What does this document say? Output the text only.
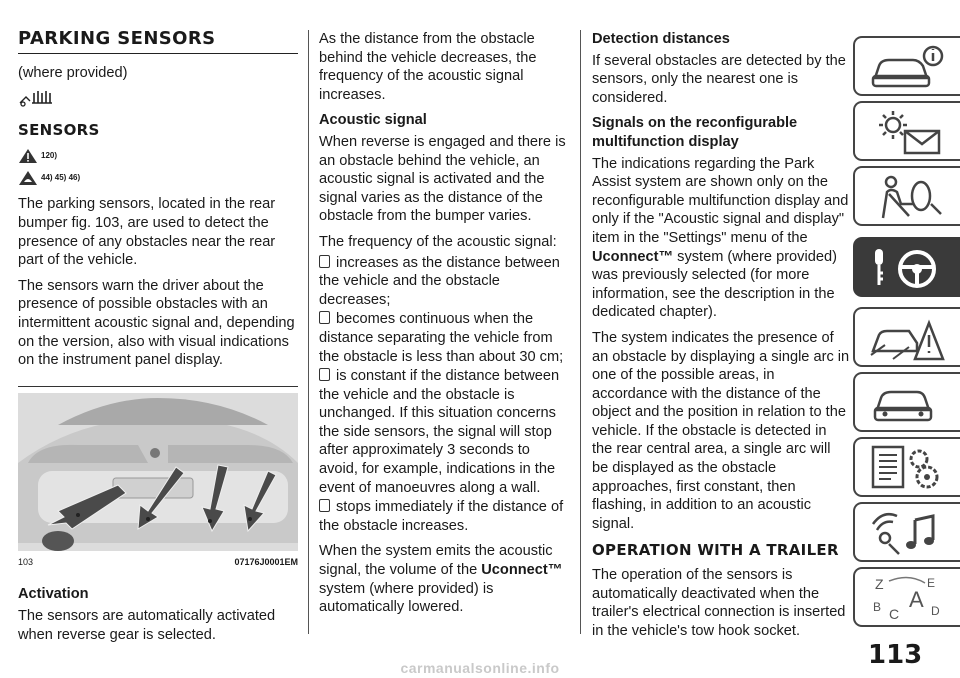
PARKING SENSORS

(where provided)

SENSORS
120)
44) 45) 46)

The parking sensors, located in the rear bumper fig. 103, are used to detect the presence of any obstacles near the rear part of the vehicle.

The sensors warn the driver about the presence of possible obstacles with an intermittent acoustic signal and, depending on the version, also with visual indications on the instrument panel display.

103	07176J0001EM
Activation

The sensors are automatically activated when reverse gear is selected.

As the distance from the obstacle behind the vehicle decreases, the frequency of the acoustic signal increases.

Acoustic signal

When reverse is engaged and there is an obstacle behind the vehicle, an acoustic signal is activated and the signal varies as the distance of the obstacle from the bumper varies.

The frequency of the acoustic signal:

increases as the distance between the vehicle and the obstacle decreases;

becomes continuous when the distance separating the vehicle from the obstacle is less than about 30 cm;

is constant if the distance between the vehicle and the obstacle is unchanged. If this situation concerns the side sensors, the signal will stop after approximately 3 seconds to avoid, for example, indications in the event of manoeuvres along a wall.

stops immediately if the distance of the obstacle increases.

When the system emits the acoustic signal, the volume of the Uconnect™ system (where provided) is automatically lowered.

Detection distances

If several obstacles are detected by the sensors, only the nearest one is considered.

Signals on the reconfigurable multifunction display

The indications regarding the Park Assist system are shown only on the reconfigurable multifunction display and only if the "Acoustic signal and display" item in the "Settings" menu of the Uconnect™ system (where provided) was previously selected (for more information, see the description in the dedicated chapter).

The system indicates the presence of an obstacle by displaying a single arc in one of the possible areas, in accordance with the distance of the object and the position in relation to the vehicle. If the obstacle is detected in the rear central area, a single arc will be displayed as the obstacle approaches, first constant, then flashing, in addition to an acoustic signal.

OPERATION WITH A TRAILER

The operation of the sensors is automatically deactivated when the trailer's electrical connection is inserted in the vehicle's tow hook socket.

Z	E
A
B C	D
113
carmanualsonline.info
